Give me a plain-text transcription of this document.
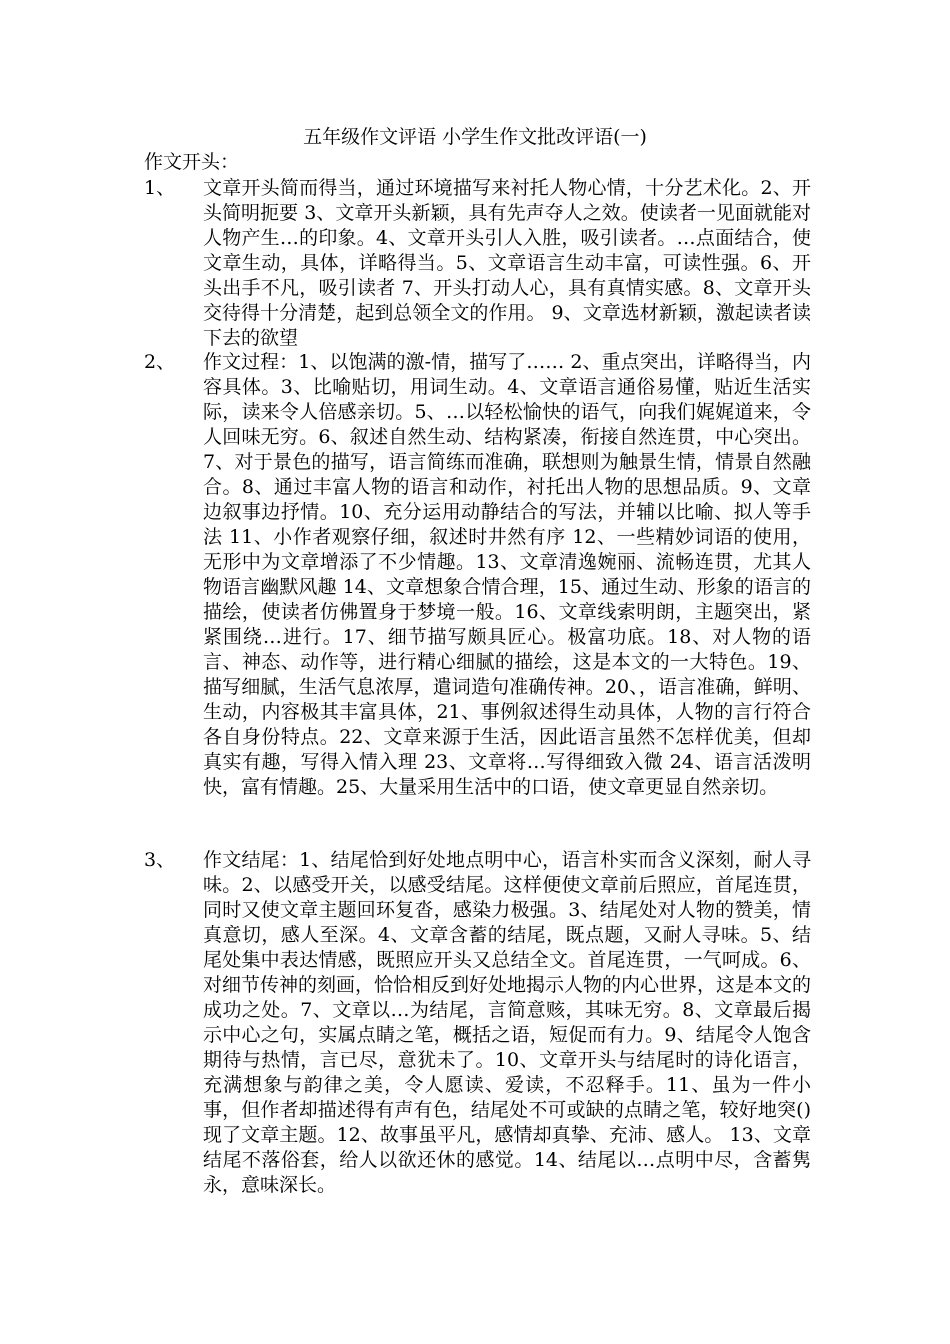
五年级作文评语 小学生作文批改评语(一)
作文开头：
1、 文章开头简而得当，通过环境描写来衬托人物心情，十分艺术化。2、开头简明扼要 3、文章开头新颖，具有先声夺人之效。使读者一见面就能对人物产生…的印象。4、文章开头引人入胜，吸引读者。…点面结合，使文章生动，具体，详略得当。5、文章语言生动丰富，可读性强。6、开头出手不凡，吸引读者 7、开头打动人心，具有真情实感。8、文章开头交待得十分清楚，起到总领全文的作用。 9、文章选材新颖，激起读者读下去的欲望
2、 作文过程：1、以饱满的激-情，描写了…… 2、重点突出，详略得当，内容具体。3、比喻贴切，用词生动。4、文章语言通俗易懂，贴近生活实际，读来令人倍感亲切。5、…以轻松愉快的语气，向我们娓娓道来，令人回味无穷。6、叙述自然生动、结构紧凑，衔接自然连贯，中心突出。7、对于景色的描写，语言简练而准确，联想则为触景生情，情景自然融合。8、通过丰富人物的语言和动作，衬托出人物的思想品质。9、文章边叙事边抒情。10、充分运用动静结合的写法，并辅以比喻、拟人等手法 11、小作者观察仔细，叙述时井然有序 12、一些精妙词语的使用，无形中为文章增添了不少情趣。13、文章清逸婉丽、流畅连贯，尤其人物语言幽默风趣 14、文章想象合情合理，15、通过生动、形象的语言的描绘，使读者仿佛置身于梦境一般。16、文章线索明朗，主题突出，紧紧围绕…进行。17、细节描写颇具匠心。极富功底。18、对人物的语言、神态、动作等，进行精心细腻的描绘，这是本文的一大特色。19、描写细腻，生活气息浓厚，遣词造句准确传神。20、，语言准确，鲜明、生动，内容极其丰富具体，21、事例叙述得生动具体，人物的言行符合各自身份特点。22、文章来源于生活，因此语言虽然不怎样优美，但却真实有趣，写得入情入理 23、文章将…写得细致入微 24、语言活泼明快，富有情趣。25、大量采用生活中的口语，使文章更显自然亲切。
3、 作文结尾：1、结尾恰到好处地点明中心，语言朴实而含义深刻，耐人寻味。2、以感受开关，以感受结尾。这样便使文章前后照应，首尾连贯，同时又使文章主题回环复沓，感染力极强。3、结尾处对人物的赞美，情真意切，感人至深。4、文章含蓄的结尾，既点题，又耐人寻味。5、结尾处集中表达情感，既照应开头又总结全文。首尾连贯，一气呵成。6、对细节传神的刻画，恰恰相反到好处地揭示人物的内心世界，这是本文的成功之处。7、文章以…为结尾，言简意赅，其味无穷。8、文章最后揭示中心之句，实属点睛之笔，概括之语，短促而有力。9、结尾令人饱含期待与热情，言已尽，意犹未了。10、文章开头与结尾时的诗化语言，充满想象与韵律之美，令人愿读、爱读，不忍释手。11、虽为一件小事，但作者却描述得有声有色，结尾处不可或缺的点睛之笔，较好地突()现了文章主题。12、故事虽平凡，感情却真挚、充沛、感人。 13、文章结尾不落俗套，给人以欲还休的感觉。14、结尾以…点明中尽，含蓄隽永，意味深长。
